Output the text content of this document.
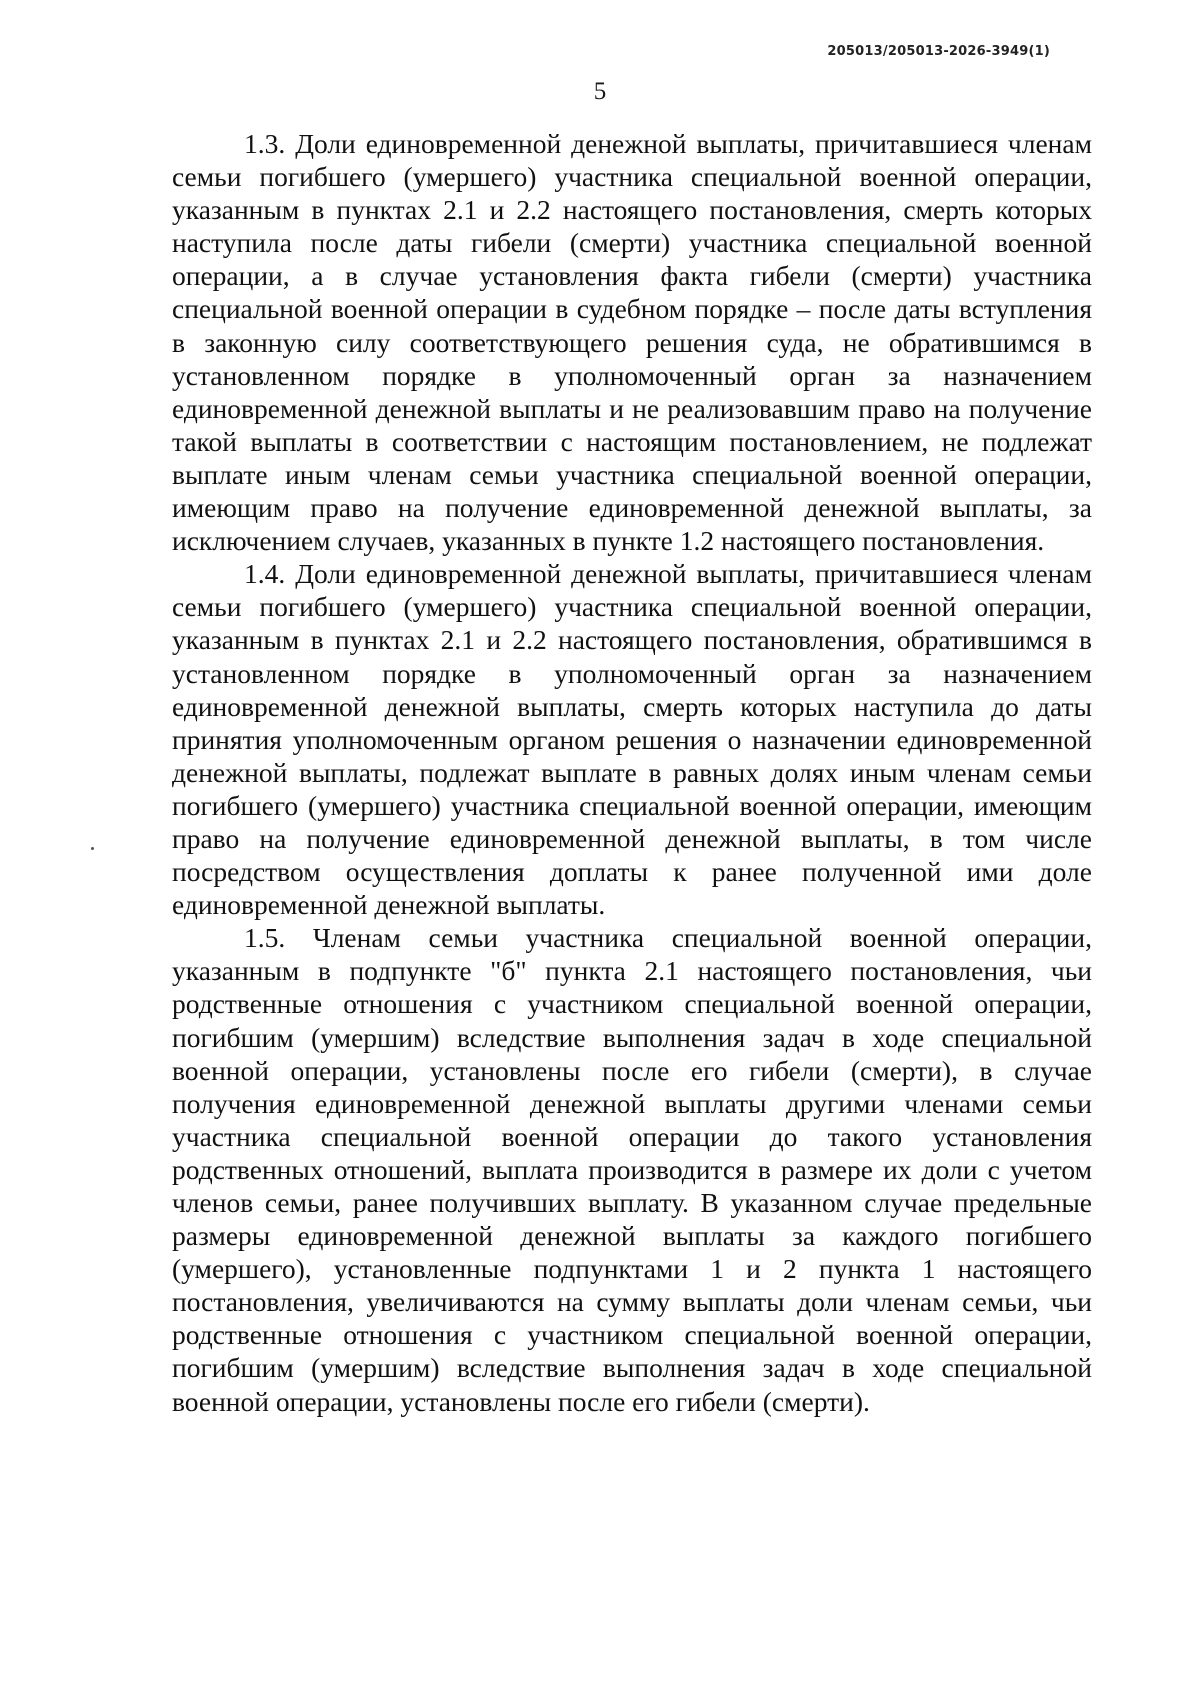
205013/205013-2026-3949(1)
5

1.3. Доли единовременной денежной выплаты, причитавшиеся членам семьи погибшего (умершего) участника специальной военной операции, указанным в пунктах 2.1 и 2.2 настоящего постановления, смерть которых наступила после даты гибели (смерти) участника специальной военной операции, а в случае установления факта гибели (смерти) участника специальной военной операции в судебном порядке – после даты вступления в законную силу соответствующего решения суда, не обратившимся в установленном порядке в уполномоченный орган за назначением единовременной денежной выплаты и не реализовавшим право на получение такой выплаты в соответствии с настоящим постановлением, не подлежат выплате иным членам семьи участника специальной военной операции, имеющим право на получение единовременной денежной выплаты, за исключением случаев, указанных в пункте 1.2 настоящего постановления.

1.4. Доли единовременной денежной выплаты, причитавшиеся членам семьи погибшего (умершего) участника специальной военной операции, указанным в пунктах 2.1 и 2.2 настоящего постановления, обратившимся в установленном порядке в уполномоченный орган за назначением единовременной денежной выплаты, смерть которых наступила до даты принятия уполномоченным органом решения о назначении единовременной денежной выплаты, подлежат выплате в равных долях иным членам семьи погибшего (умершего) участника специальной военной операции, имеющим право на получение единовременной денежной выплаты, в том числе посредством осуществления доплаты к ранее полученной ими доле единовременной денежной выплаты.

1.5. Членам семьи участника специальной военной операции, указанным в подпункте "б" пункта 2.1 настоящего постановления, чьи родственные отношения с участником специальной военной операции, погибшим (умершим) вследствие выполнения задач в ходе специальной военной операции, установлены после его гибели (смерти), в случае получения единовременной денежной выплаты другими членами семьи участника специальной военной операции до такого установления родственных отношений, выплата производится в размере их доли с учетом членов семьи, ранее получивших выплату. В указанном случае предельные размеры единовременной денежной выплаты за каждого погибшего (умершего), установленные подпунктами 1 и 2 пункта 1 настоящего постановления, увеличиваются на сумму выплаты доли членам семьи, чьи родственные отношения с участником специальной военной операции, погибшим (умершим) вследствие выполнения задач в ходе специальной военной операции, установлены после его гибели (смерти).
